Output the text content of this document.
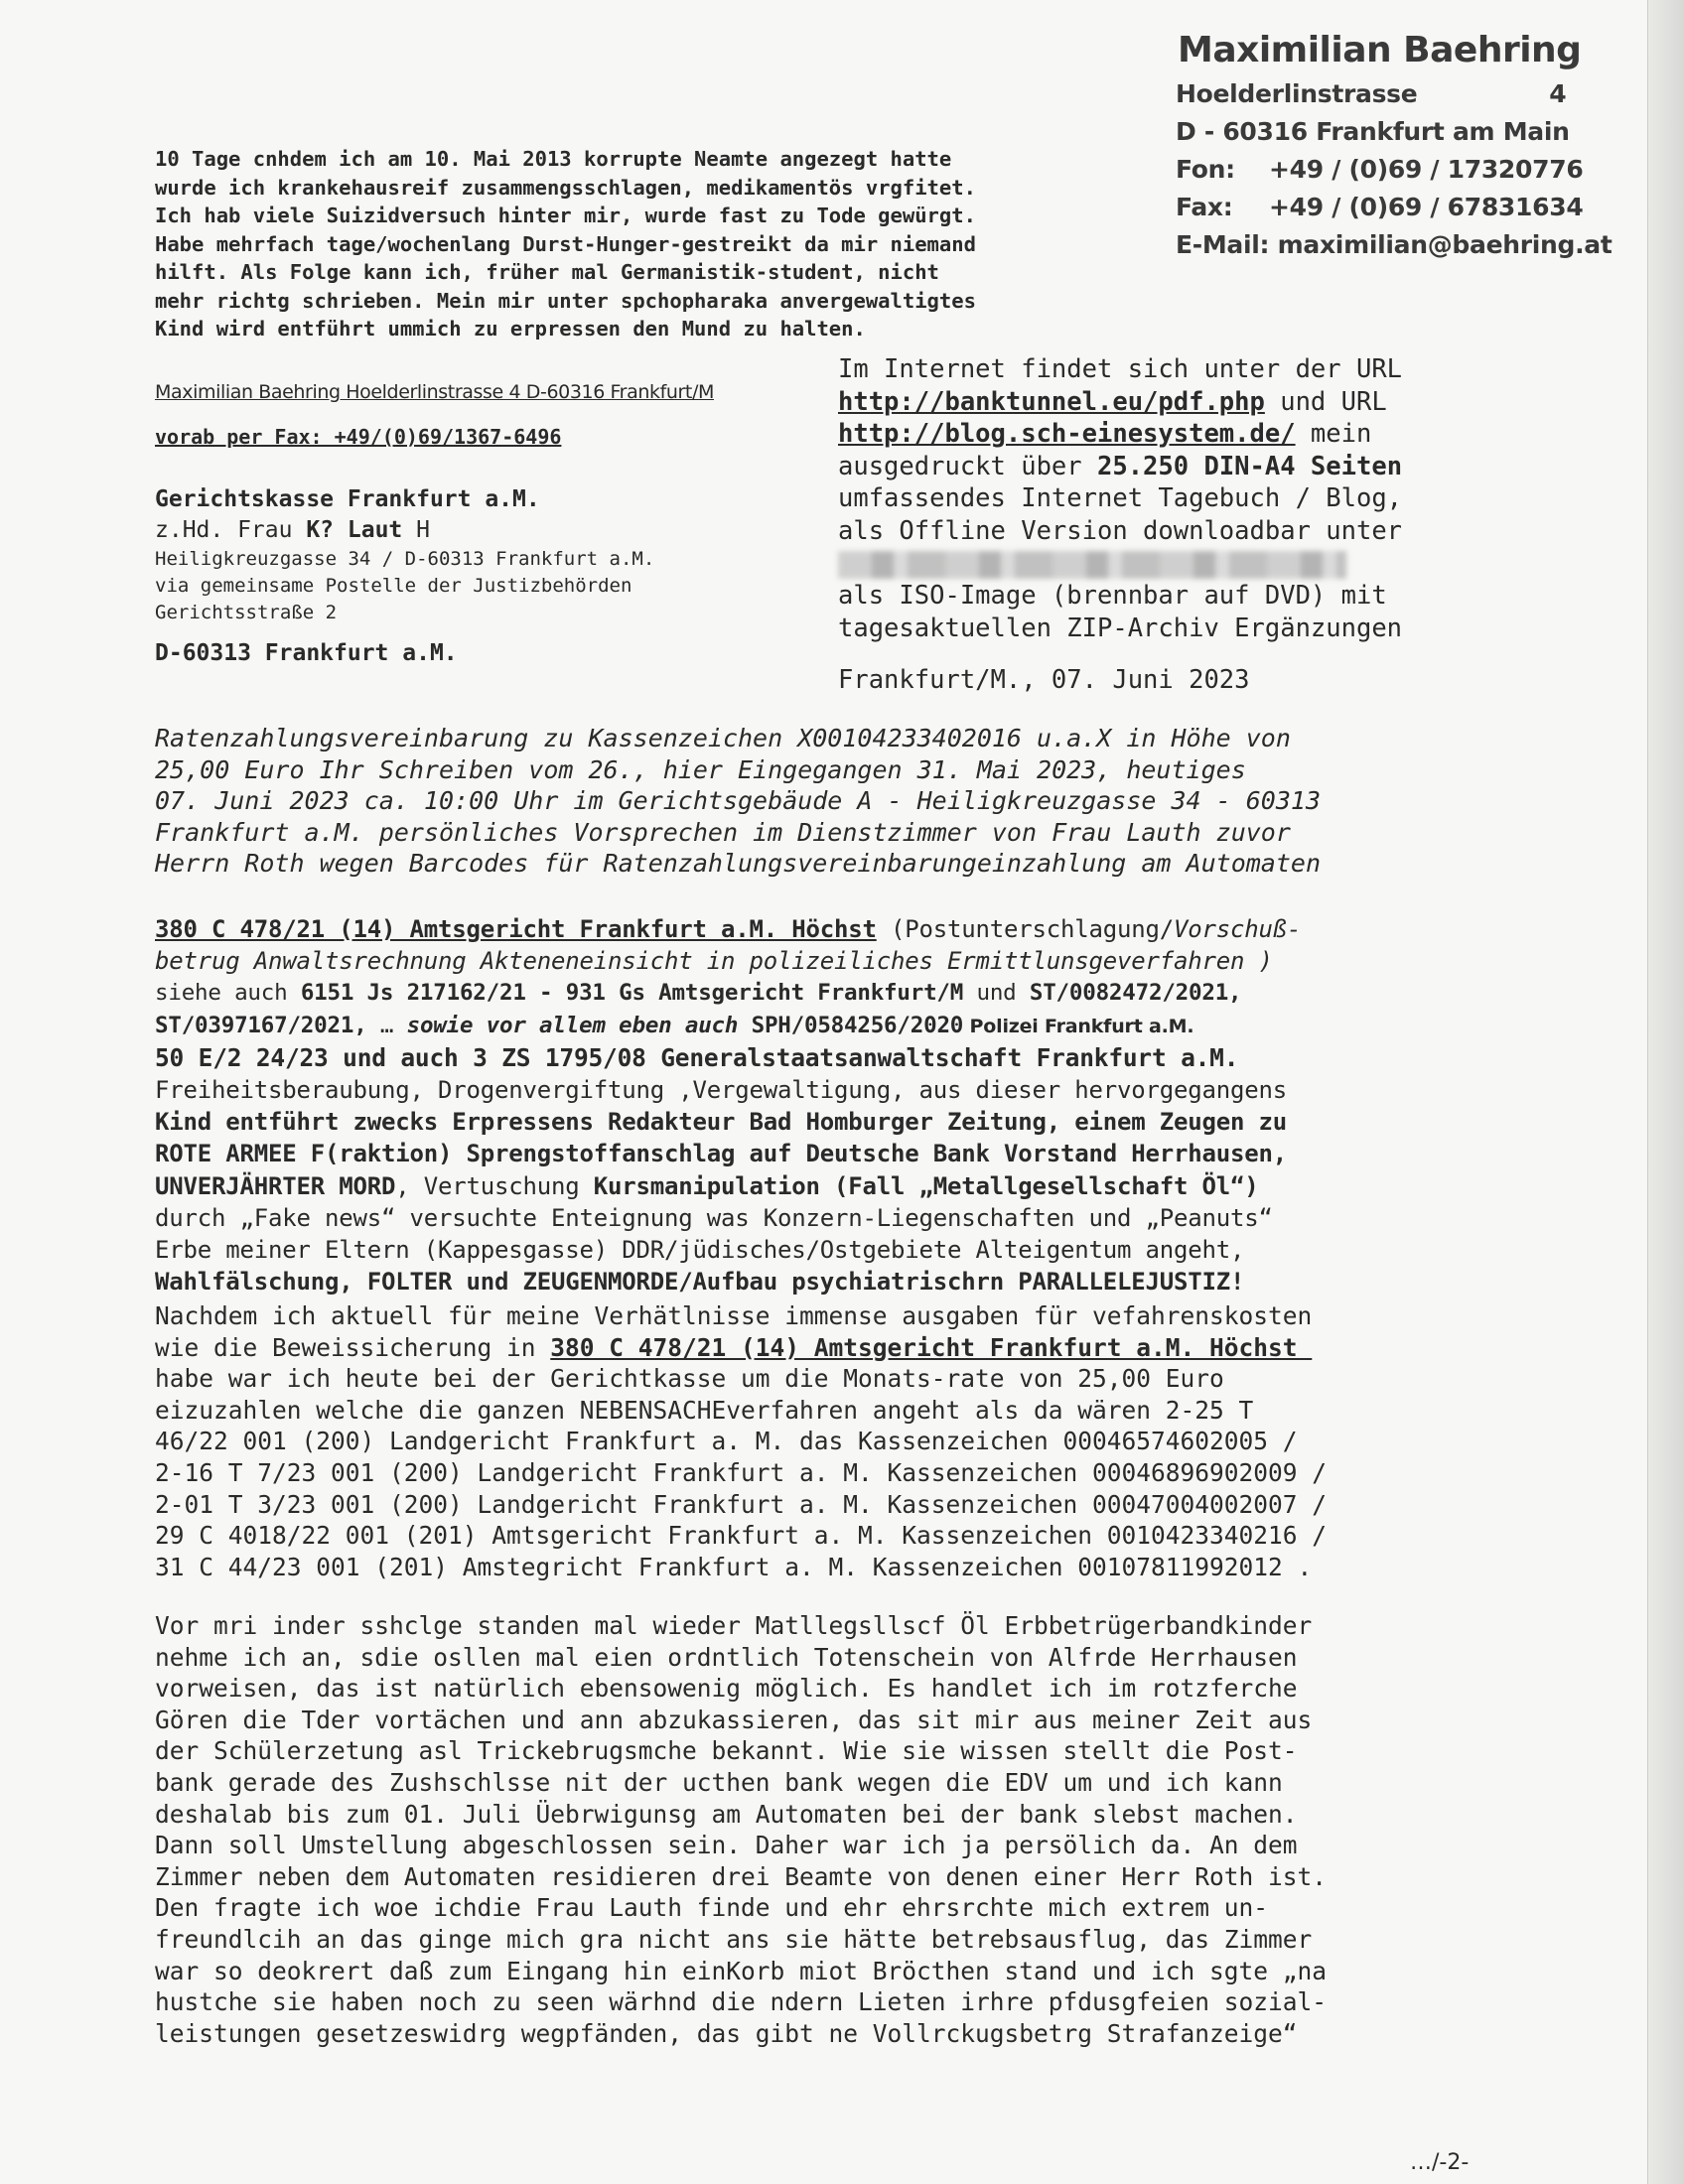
Maximilian Baehring
Hoelderlinstrasse	4
D - 60316 Frankfurt am Main
Fon: +49 / (0)69 / 17320776
Fax: +49 / (0)69 / 67831634
E-Mail: maximilian@baehring.at
10 Tage cnhdem ich am 10. Mai 2013 korrupte Neamte angezegt hatte
wurde ich krankehausreif zusammengsschlagen, medikamentös vrgfitet.
Ich hab viele Suizidversuch hinter mir, wurde fast zu Tode gewürgt.
Habe mehrfach tage/wochenlang Durst-Hunger-gestreikt da mir niemand
hilft. Als Folge kann ich, früher mal Germanistik-student, nicht
mehr richtg schrieben. Mein mir unter spchopharaka anvergewaltigtes
Kind wird entführt ummich zu erpressen den Mund zu halten.
Maximilian Baehring Hoelderlinstrasse 4 D-60316 Frankfurt/M
vorab per Fax: +49/(0)69/1367-6496
Gerichtskasse Frankfurt a.M.
z.Hd. Frau K? Laut H
Heiligkreuzgasse 34 / D-60313 Frankfurt a.M.
via gemeinsame Postelle der Justizbehörden
Gerichtsstraße 2
D-60313 Frankfurt a.M.
Im Internet findet sich unter der URL
http://banktunnel.eu/pdf.php und URL
http://blog.sch-einesystem.de/ mein
ausgedruckt über 25.250 DIN-A4 Seiten
umfassendes Internet Tagebuch / Blog,
als Offline Version downloadbar unter
als ISO-Image (brennbar auf DVD) mit
tagesaktuellen ZIP-Archiv Ergänzungen
Frankfurt/M., 07. Juni 2023
Ratenzahlungsvereinbarung zu Kassenzeichen X00104233402016 u.a.X in Höhe von
25,00 Euro Ihr Schreiben vom 26., hier Eingegangen 31. Mai 2023, heutiges
07. Juni 2023 ca. 10:00 Uhr im Gerichtsgebäude A - Heiligkreuzgasse 34 - 60313
Frankfurt a.M. persönliches Vorsprechen im Dienstzimmer von Frau Lauth zuvor
Herrn Roth wegen Barcodes für Ratenzahlungsvereinbarungeinzahlung am Automaten
380 C 478/21 (14) Amtsgericht Frankfurt a.M. Höchst (Postunterschlagung/Vorschuß-
betrug Anwaltsrechnung Akteneneinsicht in polizeiliches Ermittlunsgeverfahren )
siehe auch 6151 Js 217162/21 - 931 Gs Amtsgericht Frankfurt/M und ST/0082472/2021,
ST/0397167/2021, … sowie vor allem eben auch SPH/0584256/2020 Polizei Frankfurt a.M.
50 E/2 24/23 und auch 3 ZS 1795/08 Generalstaatsanwaltschaft Frankfurt a.M.
Freiheitsberaubung, Drogenvergiftung ,Vergewaltigung, aus dieser hervorgegangens
Kind entführt zwecks Erpressens Redakteur Bad Homburger Zeitung, einem Zeugen zu
ROTE ARMEE F(raktion) Sprengstoffanschlag auf Deutsche Bank Vorstand Herrhausen,
UNVERJÄHRTER MORD, Vertuschung Kursmanipulation (Fall „Metallgesellschaft Öl“)
durch „Fake news“ versuchte Enteignung was Konzern-Liegenschaften und „Peanuts“
Erbe meiner Eltern (Kappesgasse) DDR/jüdisches/Ostgebiete Alteigentum angeht,
Wahlfälschung, FOLTER und ZEUGENMORDE/Aufbau psychiatrischrn PARALLELEJUSTIZ!
Nachdem ich aktuell für meine Verhätlnisse immense ausgaben für vefahrenskosten
wie die Beweissicherung in 380 C 478/21 (14) Amtsgericht Frankfurt a.M. Höchst
habe war ich heute bei der Gerichtkasse um die Monats-rate von 25,00 Euro
eizuzahlen welche die ganzen NEBENSACHEverfahren angeht als da wären 2-25 T
46/22 001 (200) Landgericht Frankfurt a. M. das Kassenzeichen 00046574602005 /
2-16 T 7/23 001 (200) Landgericht Frankfurt a. M. Kassenzeichen 00046896902009 /
2-01 T 3/23 001 (200) Landgericht Frankfurt a. M. Kassenzeichen 00047004002007 /
29 C 4018/22 001 (201) Amtsgericht Frankfurt a. M. Kassenzeichen 0010423340216 /
31 C 44/23 001 (201) Amstegricht Frankfurt a. M. Kassenzeichen 00107811992012 .
Vor mri inder sshclge standen mal wieder Matllegsllscf Öl Erbbetrügerbandkinder
nehme ich an, sdie osllen mal eien ordntlich Totenschein von Alfrde Herrhausen
vorweisen, das ist natürlich ebensowenig möglich. Es handlet ich im rotzferche
Gören die Tder vortächen und ann abzukassieren, das sit mir aus meiner Zeit aus
der Schülerzetung asl Trickebrugsmche bekannt. Wie sie wissen stellt die Post-
bank gerade des Zushschlsse nit der ucthen bank wegen die EDV um und ich kann
deshalab bis zum 01. Juli Üebrwigunsg am Automaten bei der bank slebst machen.
Dann soll Umstellung abgeschlossen sein. Daher war ich ja persölich da. An dem
Zimmer neben dem Automaten residieren drei Beamte von denen einer Herr Roth ist.
Den fragte ich woe ichdie Frau Lauth finde und ehr ehrsrchte mich extrem un-
freundlcih an das ginge mich gra nicht ans sie hätte betrebsausflug, das Zimmer
war so deokrert daß zum Eingang hin einKorb miot Bröcthen stand und ich sgte „na
hustche sie haben noch zu seen wärhnd die ndern Lieten irhre pfdusgfeien sozial-
leistungen gesetzeswidrg wegpfänden, das gibt ne Vollrckugsbetrg Strafanzeige“
…/-2-
